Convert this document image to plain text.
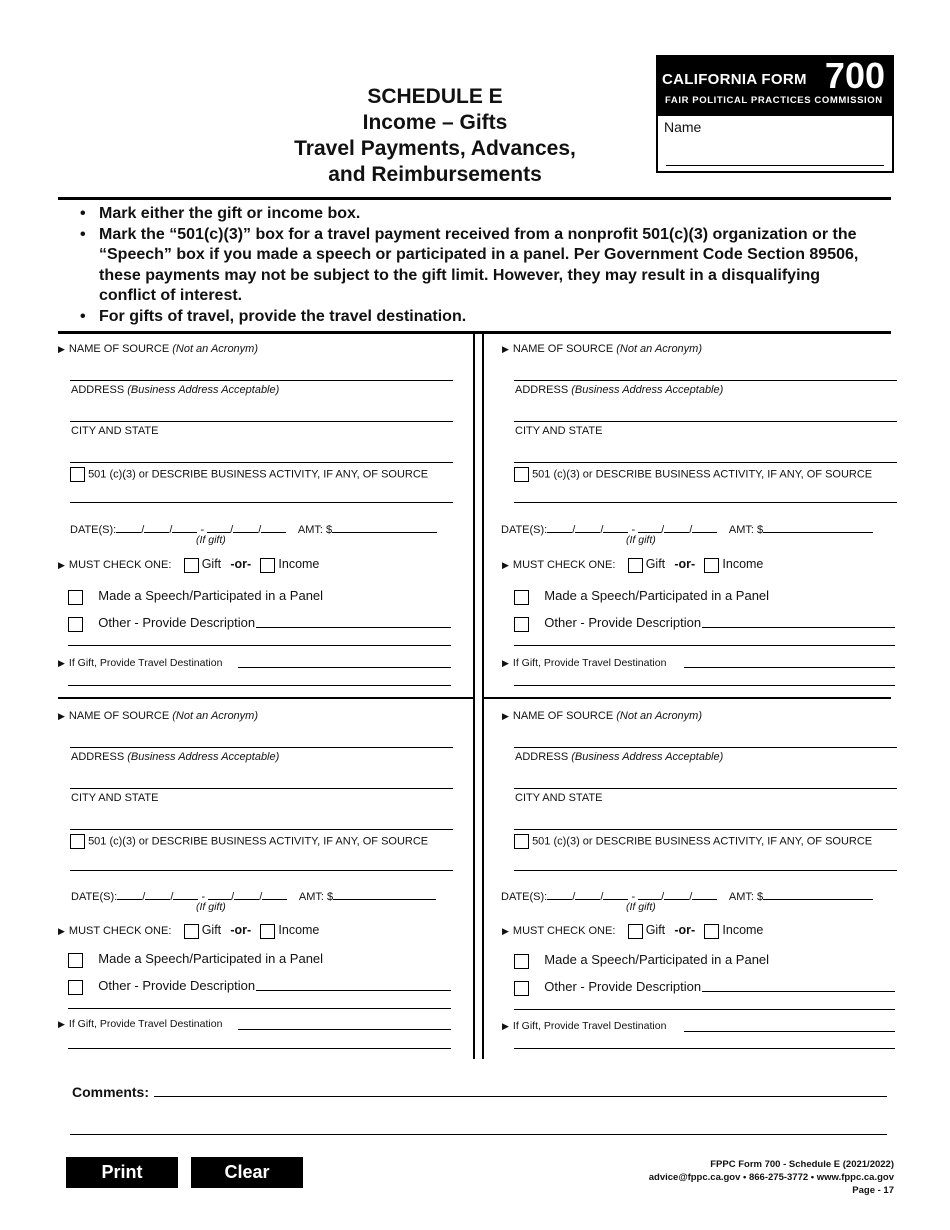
SCHEDULE E
Income – Gifts
Travel Payments, Advances,
and Reimbursements
CALIFORNIA FORM 700
FAIR POLITICAL PRACTICES COMMISSION
Name
• Mark either the gift or income box.
• Mark the “501(c)(3)” box for a travel payment received from a nonprofit 501(c)(3) organization or the “Speech” box if you made a speech or participated in a panel. Per Government Code Section 89506, these payments may not be subject to the gift limit. However, they may result in a disqualifying conflict of interest.
• For gifts of travel, provide the travel destination.
▶ NAME OF SOURCE (Not an Acronym)
ADDRESS (Business Address Acceptable)
CITY AND STATE
501 (c)(3) or DESCRIBE BUSINESS ACTIVITY, IF ANY, OF SOURCE
DATE(S): / /	- / /	AMT: $
(If gift)
▶ MUST CHECK ONE: Gift -or- Income
Made a Speech/Participated in a Panel
Other - Provide Description
▶ If Gift, Provide Travel Destination
▶ NAME OF SOURCE (Not an Acronym)
ADDRESS (Business Address Acceptable)
CITY AND STATE
501 (c)(3) or DESCRIBE BUSINESS ACTIVITY, IF ANY, OF SOURCE
DATE(S): / /	- / /	AMT: $
(If gift)
▶ MUST CHECK ONE: Gift -or- Income
Made a Speech/Participated in a Panel
Other - Provide Description
▶ If Gift, Provide Travel Destination
▶ NAME OF SOURCE (Not an Acronym)
ADDRESS (Business Address Acceptable)
CITY AND STATE
501 (c)(3) or DESCRIBE BUSINESS ACTIVITY, IF ANY, OF SOURCE
DATE(S): / /	- / /	AMT: $
(If gift)
▶ MUST CHECK ONE: Gift -or- Income
Made a Speech/Participated in a Panel
Other - Provide Description
▶ If Gift, Provide Travel Destination
▶ NAME OF SOURCE (Not an Acronym)
ADDRESS (Business Address Acceptable)
CITY AND STATE
501 (c)(3) or DESCRIBE BUSINESS ACTIVITY, IF ANY, OF SOURCE
DATE(S): / /	- / /	AMT: $
(If gift)
▶ MUST CHECK ONE: Gift -or- Income
Made a Speech/Participated in a Panel
Other - Provide Description
▶ If Gift, Provide Travel Destination
Comments:
Print	Clear	FPPC Form 700 - Schedule E (2021/2022)
advice@fppc.ca.gov • 866-275-3772 • www.fppc.ca.gov
Page - 17
